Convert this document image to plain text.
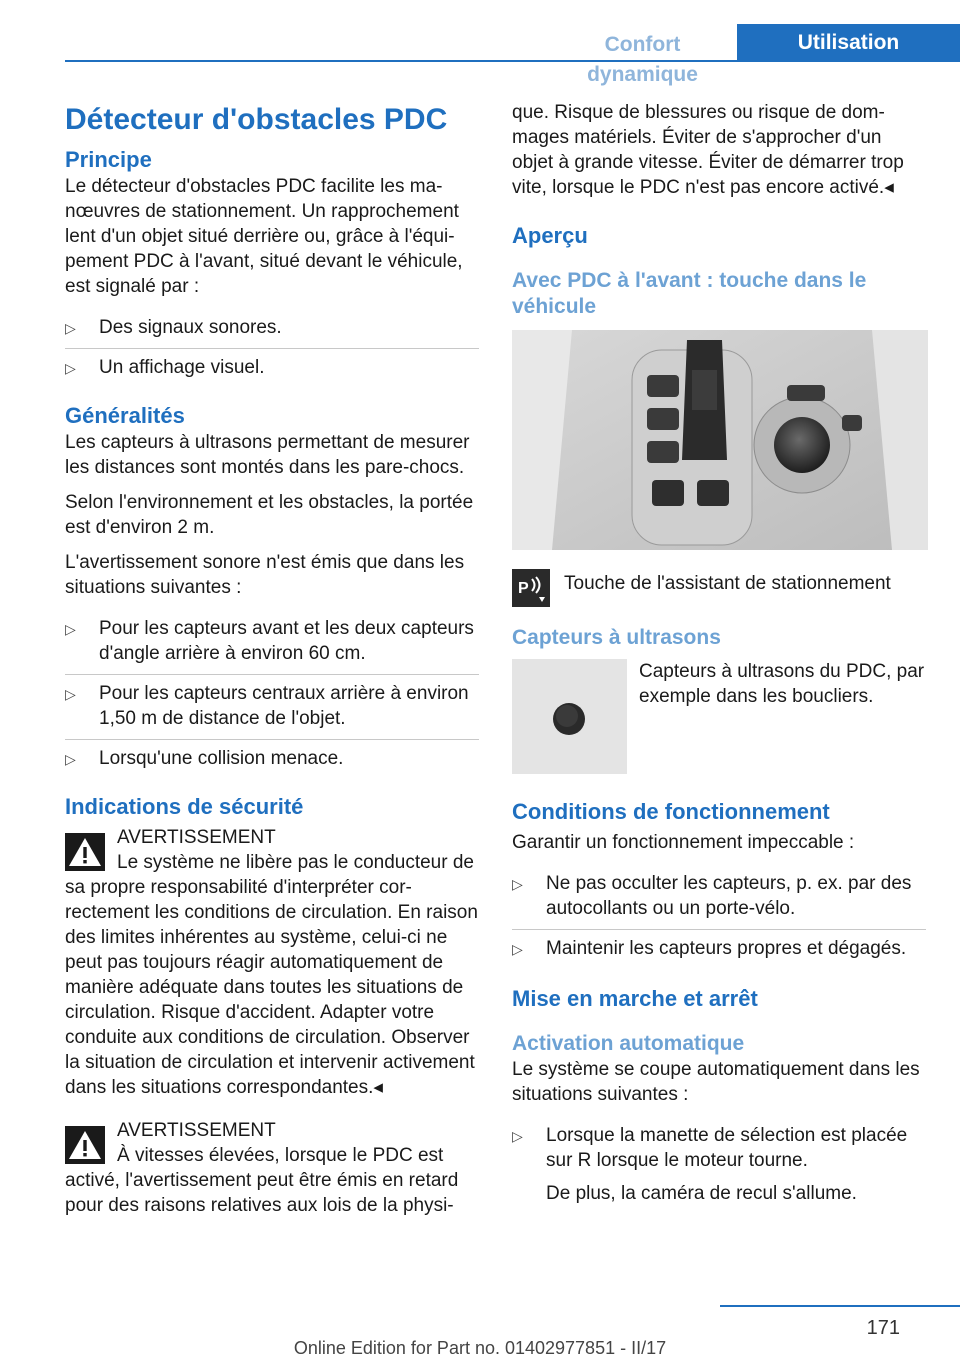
Confort dynamique
Utilisation
Détecteur d'obstacles PDC
Principe

Le détecteur d'obstacles PDC facilite les manœuvres de stationnement. Un rapprochement lent d'un objet situé derrière ou, grâce à l'équipement PDC à l'avant, situé devant le véhicule, est signalé par :

▷ Des signaux sonores.
▷ Un affichage visuel.
Généralités

Les capteurs à ultrasons permettant de mesurer les distances sont montés dans les pare-chocs.

Selon l'environnement et les obstacles, la portée est d'environ 2 m.

L'avertissement sonore n'est émis que dans les situations suivantes :

▷ Pour les capteurs avant et les deux capteurs d'angle arrière à environ 60 cm.
▷ Pour les capteurs centraux arrière à environ 1,50 m de distance de l'objet.
▷ Lorsqu'une collision menace.
Indications de sécurité

AVERTISSEMENT

Le système ne libère pas le conducteur de sa propre responsabilité d'interpréter correctement les conditions de circulation. En raison des limites inhérentes au système, celui-ci ne peut pas toujours réagir automatiquement de manière adéquate dans toutes les situations de circulation. Risque d'accident. Adapter votre conduite aux conditions de circulation. Observer la situation de circulation et intervenir activement dans les situations correspondantes.◂

AVERTISSEMENT

À vitesses élevées, lorsque le PDC est activé, l'avertissement peut être émis en retard pour des raisons relatives aux lois de la physi-

que. Risque de blessures ou risque de dommages matériels. Éviter de s'approcher d'un objet à grande vitesse. Éviter de démarrer trop vite, lorsque le PDC n'est pas encore activé.◂

Aperçu
Avec PDC à l'avant : touche dans le véhicule
P Touche de l'assistant de stationnement

Capteurs à ultrasons

Capteurs à ultrasons du PDC, par exemple dans les boucliers.

Conditions de fonctionnement

Garantir un fonctionnement impeccable :

▷ Ne pas occulter les capteurs, p. ex. par des autocollants ou un porte-vélo.
▷ Maintenir les capteurs propres et dégagés.
Mise en marche et arrêt
Activation automatique

Le système se coupe automatiquement dans les situations suivantes :

▷ Lorsque la manette de sélection est placée sur R lorsque le moteur tourne.
De plus, la caméra de recul s'allume.
171
Online Edition for Part no. 01402977851 - II/17
